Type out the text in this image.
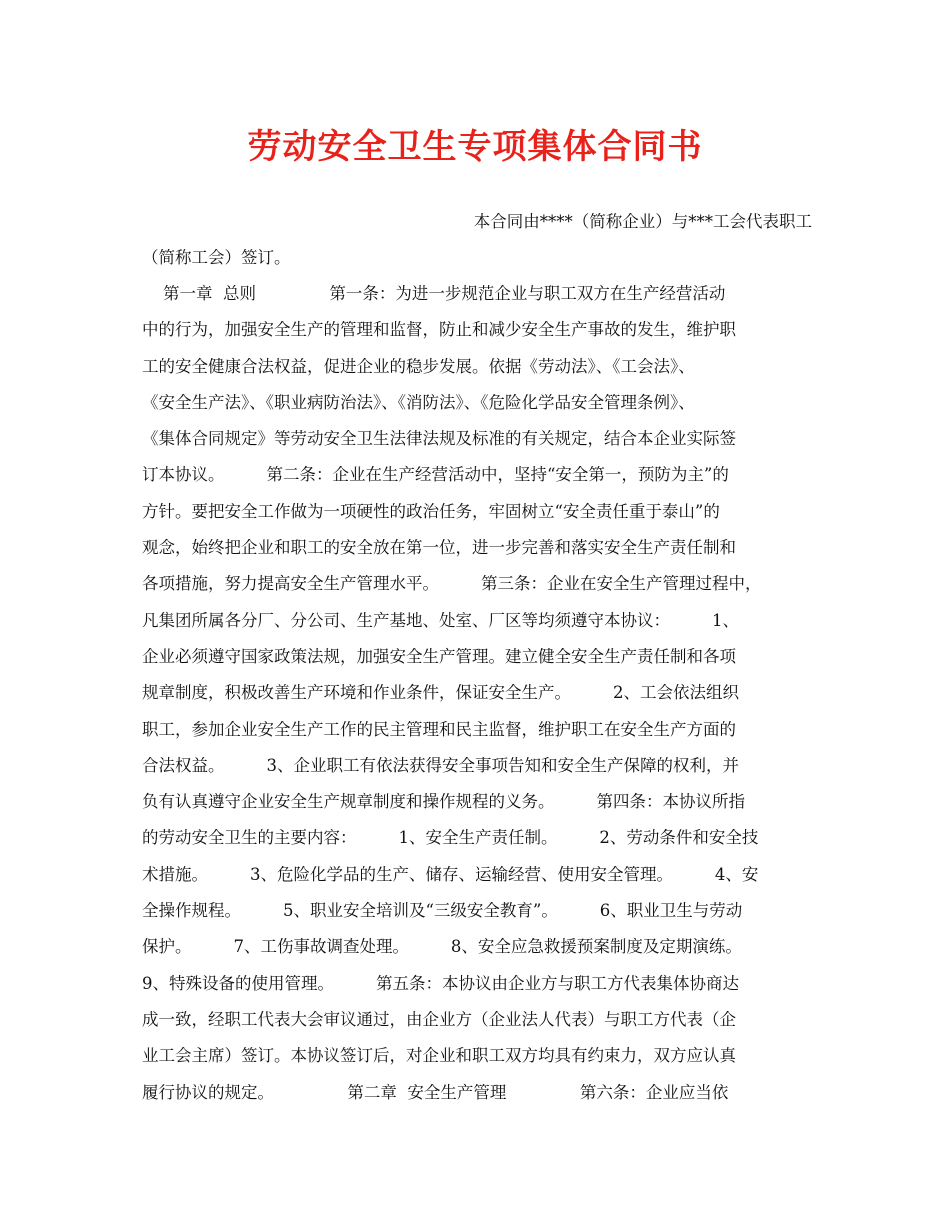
劳动安全卫生专项集体合同书
本合同由****（简称企业）与***工会代表职工
（简称工会）签订。
第一章  总则              第一条：为进一步规范企业与职工双方在生产经营活动
中的行为，加强安全生产的管理和监督，防止和减少安全生产事故的发生，维护职
工的安全健康合法权益，促进企业的稳步发展。依据《劳动法》、《工会法》、
《安全生产法》、《职业病防治法》、《消防法》、《危险化学品安全管理条例》、
《集体合同规定》等劳动安全卫生法律法规及标准的有关规定，结合本企业实际签
订本协议。        第二条：企业在生产经营活动中，坚持“安全第一，预防为主”的
方针。要把安全工作做为一项硬性的政治任务，牢固树立“安全责任重于泰山”的
观念，始终把企业和职工的安全放在第一位，进一步完善和落实安全生产责任制和
各项措施，努力提高安全生产管理水平。        第三条：企业在安全生产管理过程中，
凡集团所属各分厂、分公司、生产基地、处室、厂区等均须遵守本协议：        1、
企业必须遵守国家政策法规，加强安全生产管理。建立健全安全生产责任制和各项
规章制度，积极改善生产环境和作业条件，保证安全生产。        2、工会依法组织
职工，参加企业安全生产工作的民主管理和民主监督，维护职工在安全生产方面的
合法权益。        3、企业职工有依法获得安全事项告知和安全生产保障的权利，并
负有认真遵守企业安全生产规章制度和操作规程的义务。        第四条：本协议所指
的劳动安全卫生的主要内容：        1、安全生产责任制。        2、劳动条件和安全技
术措施。        3、危险化学品的生产、储存、运输经营、使用安全管理。        4、安
全操作规程。        5、职业安全培训及“三级安全教育”。        6、职业卫生与劳动
保护。        7、工伤事故调查处理。        8、安全应急救援预案制度及定期演练。
9、特殊设备的使用管理。        第五条：本协议由企业方与职工方代表集体协商达
成一致，经职工代表大会审议通过，由企业方（企业法人代表）与职工方代表（企
业工会主席）签订。本协议签订后，对企业和职工双方均具有约束力，双方应认真
履行协议的规定。              第二章  安全生产管理              第六条：企业应当依
